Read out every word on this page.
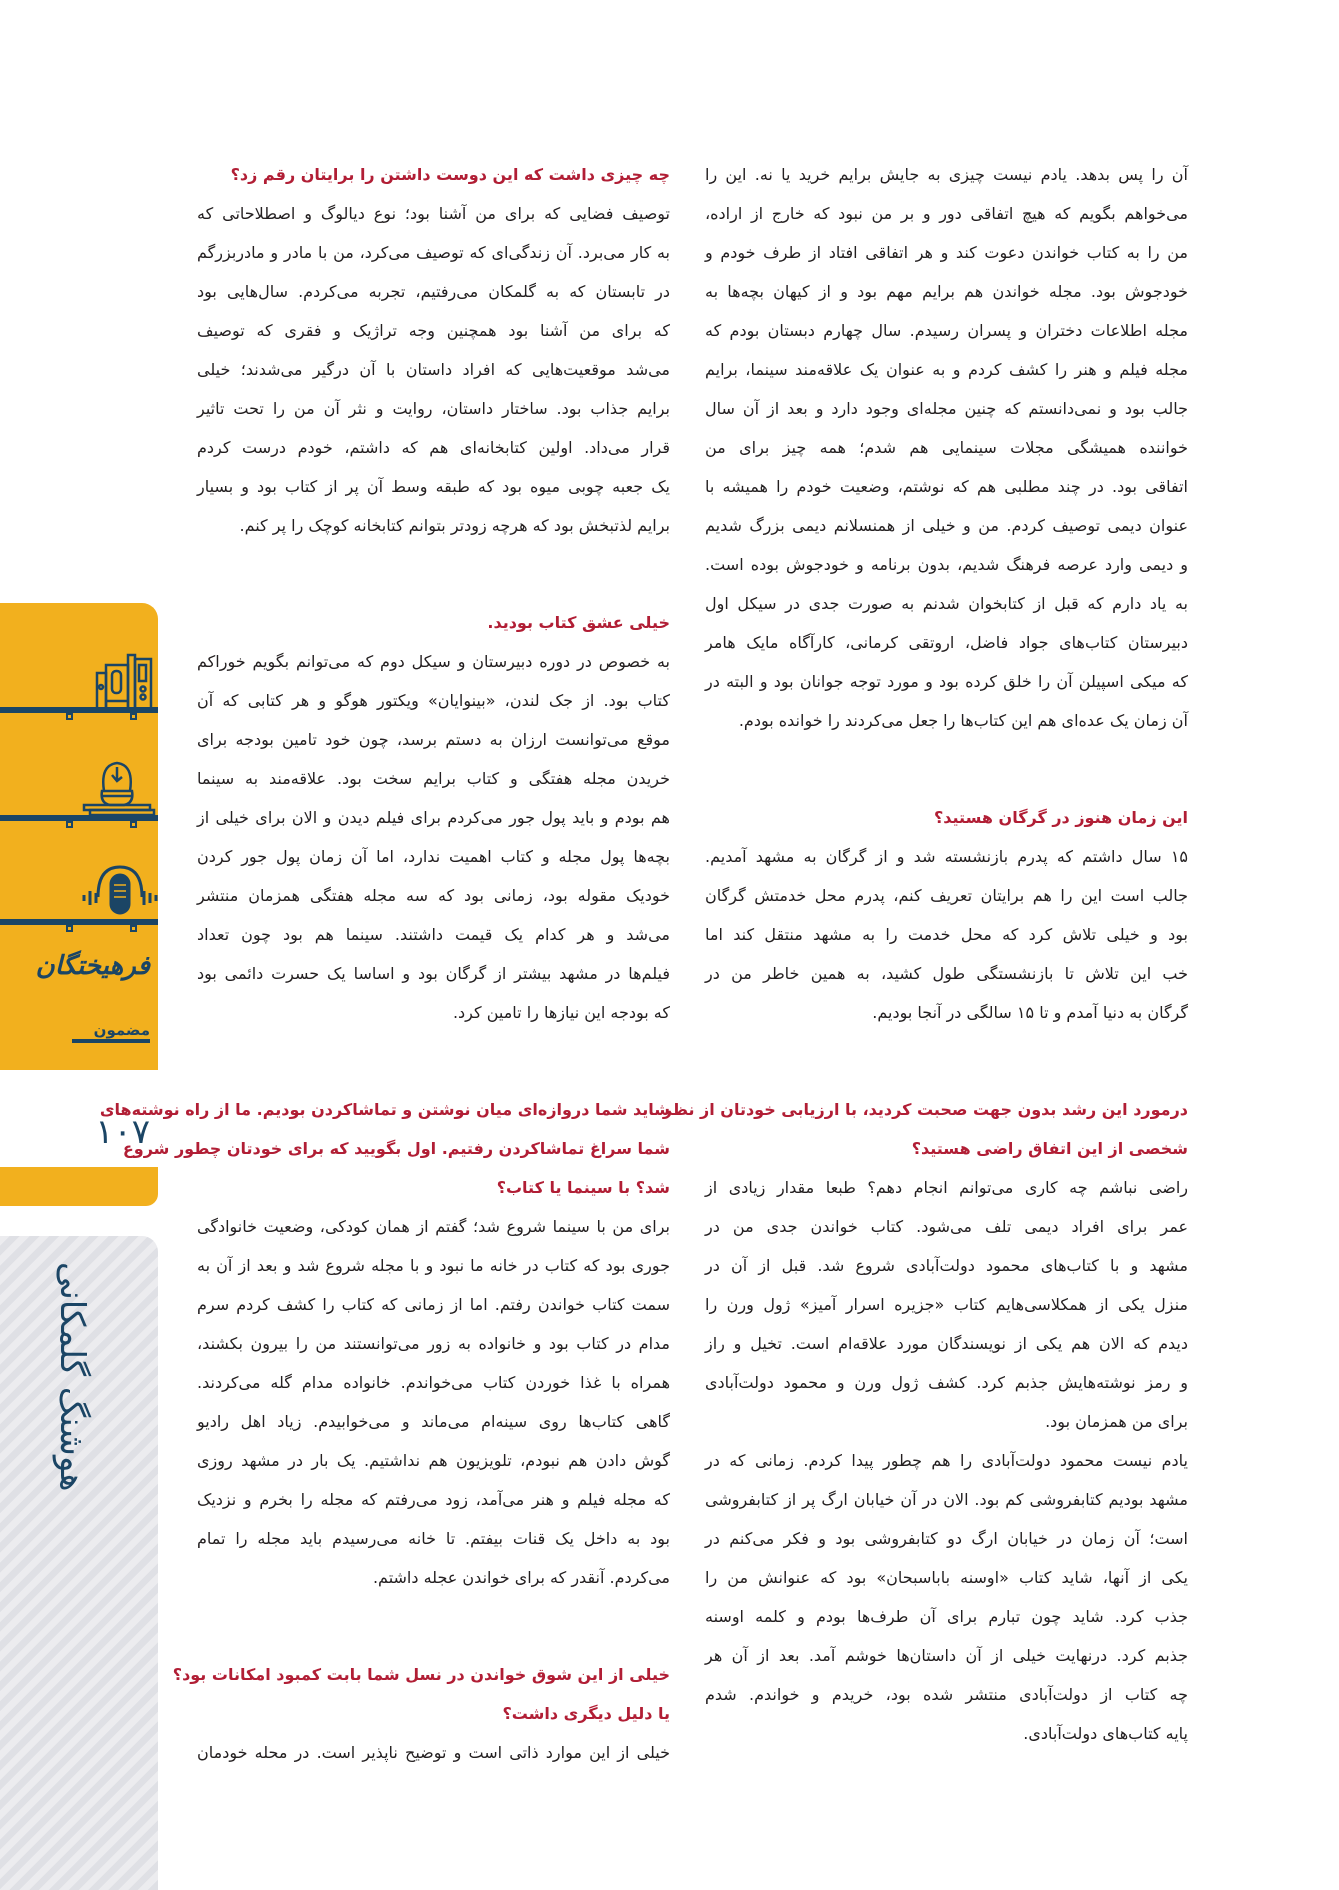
فرهیختگان
مضمون
۱۰۷
هوشنگ گلمکانی
آن را پس بدهد. یادم نیست چیزی به جایش برایم خرید یا نه. این را
می‌خواهم بگویم که هیچ اتفاقی دور و بر من نبود که خارج از اراده،
من را به کتاب خواندن دعوت کند و هر اتفاقی افتاد از طرف خودم و
خودجوش بود. مجله خواندن هم برایم مهم بود و از کیهان بچه‌ها به
مجله اطلاعات دختران و پسران رسیدم. سال چهارم دبستان بودم که
مجله فیلم و هنر را کشف کردم و به عنوان یک علاقه‌مند سینما، برایم
جالب بود و نمی‌دانستم که چنین مجله‌ای وجود دارد و بعد از آن سال
خواننده همیشگی مجلات سینمایی هم شدم؛ همه چیز برای من
اتفاقی بود. در چند مطلبی هم که نوشتم، وضعیت خودم را همیشه با
عنوان دیمی توصیف کردم. من و خیلی از همنسلانم دیمی بزرگ شدیم
و دیمی وارد عرصه فرهنگ شدیم، بدون برنامه و خودجوش بوده است.
به یاد دارم که قبل از کتابخوان شدنم به صورت جدی در سیکل اول
دبیرستان کتاب‌های جواد فاضل، اروتقی کرمانی، کارآگاه مایک هامر
که میکی اسپیلن آن را خلق کرده بود و مورد توجه جوانان بود و البته در
آن زمان یک عده‌ای هم این کتاب‌ها را جعل می‌کردند را خوانده بودم.
این زمان هنوز در گرگان هستید؟
۱۵ سال داشتم که پدرم بازنشسته شد و از گرگان به مشهد آمدیم.
جالب است این را هم برایتان تعریف کنم، پدرم محل خدمتش گرگان
بود و خیلی تلاش کرد که محل خدمت را به مشهد منتقل کند اما
خب این تلاش تا بازنشستگی طول کشید، به همین خاطر من در
گرگان به دنیا آمدم و تا ۱۵ سالگی در آنجا بودیم.
درمورد این رشد بدون جهت صحبت کردید، با ارزیابی خودتان از نظر
شخصی از این اتفاق راضی هستید؟
راضی نباشم چه کاری می‌توانم انجام دهم؟ طبعا مقدار زیادی از
عمر برای افراد دیمی تلف می‌شود. کتاب خواندن جدی من در
مشهد و با کتاب‌های محمود دولت‌آبادی شروع شد. قبل از آن در
منزل یکی از همکلاسی‌هایم کتاب «جزیره اسرار آمیز» ژول ورن را
دیدم که الان هم یکی از نویسندگان مورد علاقه‌ام است. تخیل و راز
و رمز نوشته‌هایش جذبم کرد. کشف ژول ورن و محمود دولت‌آبادی
برای من همزمان بود.
یادم نیست محمود دولت‌آبادی را هم چطور پیدا کردم. زمانی که در
مشهد بودیم کتابفروشی کم بود. الان در آن خیابان ارگ پر از کتابفروشی
است؛ آن زمان در خیابان ارگ دو کتابفروشی بود و فکر می‌کنم در
یکی از آنها، شاید کتاب «اوسنه باباسبحان» بود که عنوانش من را
جذب کرد. شاید چون تبارم برای آن طرف‌ها بودم و کلمه اوسنه
جذبم کرد. درنهایت خیلی از آن داستان‌ها خوشم آمد. بعد از آن هر
چه کتاب از دولت‌آبادی منتشر شده بود، خریدم و خواندم. شدم
پایه کتاب‌های دولت‌آبادی.
چه چیزی داشت که این دوست داشتن را برایتان رقم زد؟
توصیف فضایی که برای من آشنا بود؛ نوع دیالوگ و اصطلاحاتی که
به کار می‌برد. آن زندگی‌ای که توصیف می‌کرد، من با مادر و مادربزرگم
در تابستان که به گلمکان می‌رفتیم، تجربه می‌کردم. سال‌هایی بود
که برای من آشنا بود همچنین وجه تراژیک و فقری که توصیف
می‌شد موقعیت‌هایی که افراد داستان با آن درگیر می‌شدند؛ خیلی
برایم جذاب بود. ساختار داستان، روایت و نثر آن من را تحت تاثیر
قرار می‌داد. اولین کتابخانه‌ای هم که داشتم، خودم درست کردم
یک جعبه چوبی میوه بود که طبقه وسط آن پر از کتاب بود و بسیار
برایم لذتبخش بود که هرچه زودتر بتوانم کتابخانه کوچک را پر کنم.
خیلی عشق کتاب بودید.
به خصوص در دوره دبیرستان و سیکل دوم که می‌توانم بگویم خوراکم
کتاب بود. از جک لندن، «بینوایان» ویکتور هوگو و هر کتابی که آن
موقع می‌توانست ارزان به دستم برسد، چون خود تامین بودجه برای
خریدن مجله هفتگی و کتاب برایم سخت بود. علاقه‌مند به سینما
هم بودم و باید پول جور می‌کردم برای فیلم دیدن و الان برای خیلی از
بچه‌ها پول مجله و کتاب اهمیت ندارد، اما آن زمان پول جور کردن
خودیک مقوله بود، زمانی بود که سه مجله هفتگی همزمان منتشر
می‌شد و هر کدام یک قیمت داشتند. سینما هم بود چون تعداد
فیلم‌ها در مشهد بیشتر از گرگان بود و اساسا یک حسرت دائمی بود
که بودجه این نیازها را تامین کرد.
شاید شما دروازه‌ای میان نوشتن و تماشاکردن بودیم. ما از راه نوشته‌های
شما سراغ تماشاکردن رفتیم. اول بگویید که برای خودتان چطور شروع
شد؟ با سینما یا کتاب؟
برای من با سینما شروع شد؛ گفتم از همان کودکی، وضعیت خانوادگی
جوری بود که کتاب در خانه ما نبود و با مجله شروع شد و بعد از آن به
سمت کتاب خواندن رفتم. اما از زمانی که کتاب را کشف کردم سرم
مدام در کتاب بود و خانواده به زور می‌توانستند من را بیرون بکشند،
همراه با غذا خوردن کتاب می‌خواندم. خانواده مدام گله می‌کردند.
گاهی کتاب‌ها روی سینه‌ام می‌ماند و می‌خوابیدم. زیاد اهل رادیو
گوش دادن هم نبودم، تلویزیون هم نداشتیم. یک بار در مشهد روزی
که مجله فیلم و هنر می‌آمد، زود می‌رفتم که مجله را بخرم و نزدیک
بود به داخل یک قنات بیفتم. تا خانه می‌رسیدم باید مجله را تمام
می‌کردم. آنقدر که برای خواندن عجله داشتم.
خیلی از این شوق خواندن در نسل شما بابت کمبود امکانات بود؟
یا دلیل دیگری داشت؟
خیلی از این موارد ذاتی است و توضیح ناپذیر است. در محله خودمان
